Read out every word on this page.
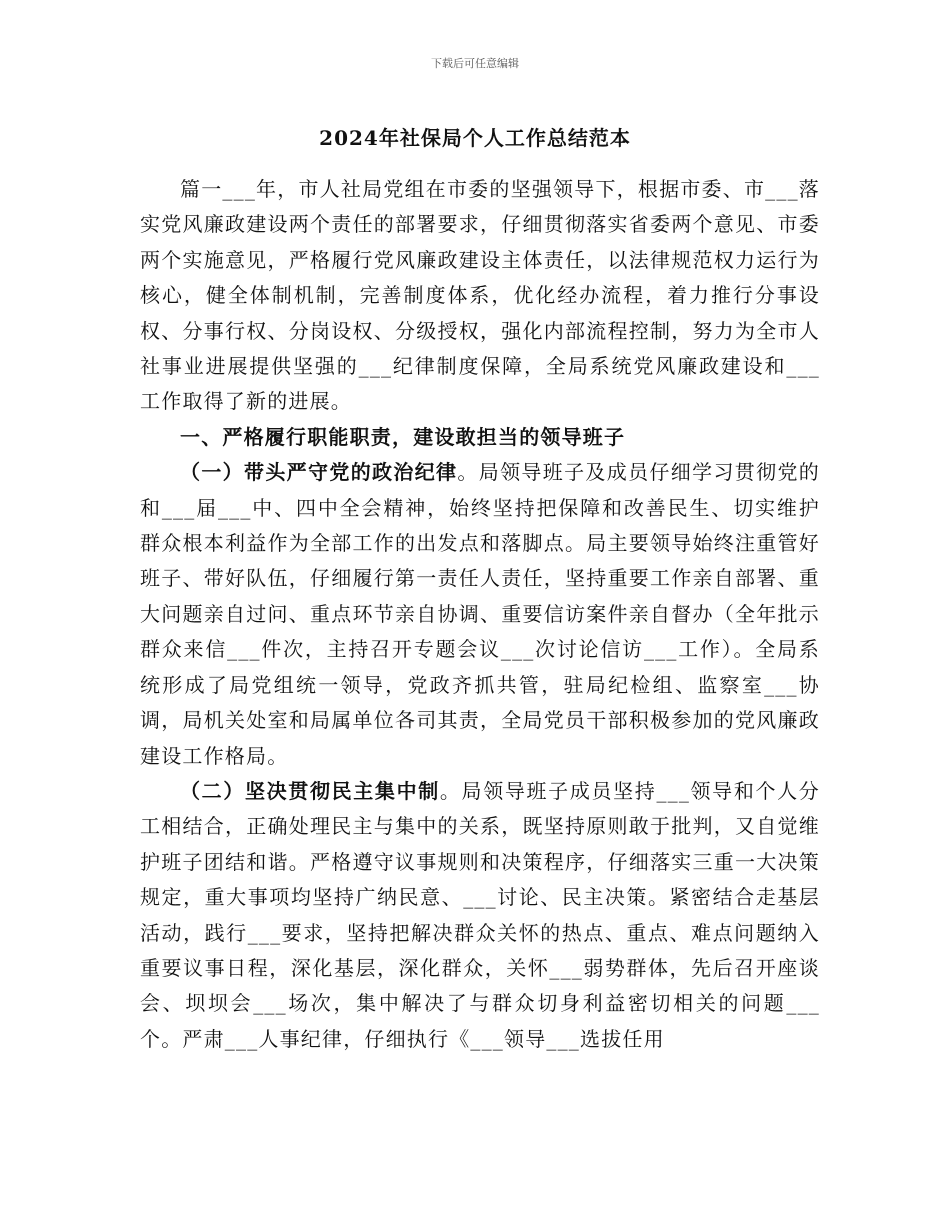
下载后可任意编辑
2024年社保局个人工作总结范本

篇一___年，市人社局党组在市委的坚强领导下，根据市委、市___落实党风廉政建设两个责任的部署要求，仔细贯彻落实省委两个意见、市委两个实施意见，严格履行党风廉政建设主体责任，以法律规范权力运行为核心，健全体制机制，完善制度体系，优化经办流程，着力推行分事设权、分事行权、分岗设权、分级授权，强化内部流程控制，努力为全市人社事业进展提供坚强的___纪律制度保障，全局系统党风廉政建设和___工作取得了新的进展。

一、严格履行职能职责，建设敢担当的领导班子

（一）带头严守党的政治纪律。局领导班子及成员仔细学习贯彻党的和___届___中、四中全会精神，始终坚持把保障和改善民生、切实维护群众根本利益作为全部工作的出发点和落脚点。局主要领导始终注重管好班子、带好队伍，仔细履行第一责任人责任，坚持重要工作亲自部署、重大问题亲自过问、重点环节亲自协调、重要信访案件亲自督办（全年批示群众来信___件次，主持召开专题会议___次讨论信访___工作）。全局系统形成了局党组统一领导，党政齐抓共管，驻局纪检组、监察室___协调，局机关处室和局属单位各司其责，全局党员干部积极参加的党风廉政建设工作格局。

（二）坚决贯彻民主集中制。局领导班子成员坚持___领导和个人分工相结合，正确处理民主与集中的关系，既坚持原则敢于批判，又自觉维护班子团结和谐。严格遵守议事规则和决策程序，仔细落实三重一大决策规定，重大事项均坚持广纳民意、___讨论、民主决策。紧密结合走基层活动，践行___要求，坚持把解决群众关怀的热点、重点、难点问题纳入重要议事日程，深化基层，深化群众，关怀___弱势群体，先后召开座谈会、坝坝会___场次，集中解决了与群众切身利益密切相关的问题___个。严肃___人事纪律，仔细执行《___领导___选拔任用
